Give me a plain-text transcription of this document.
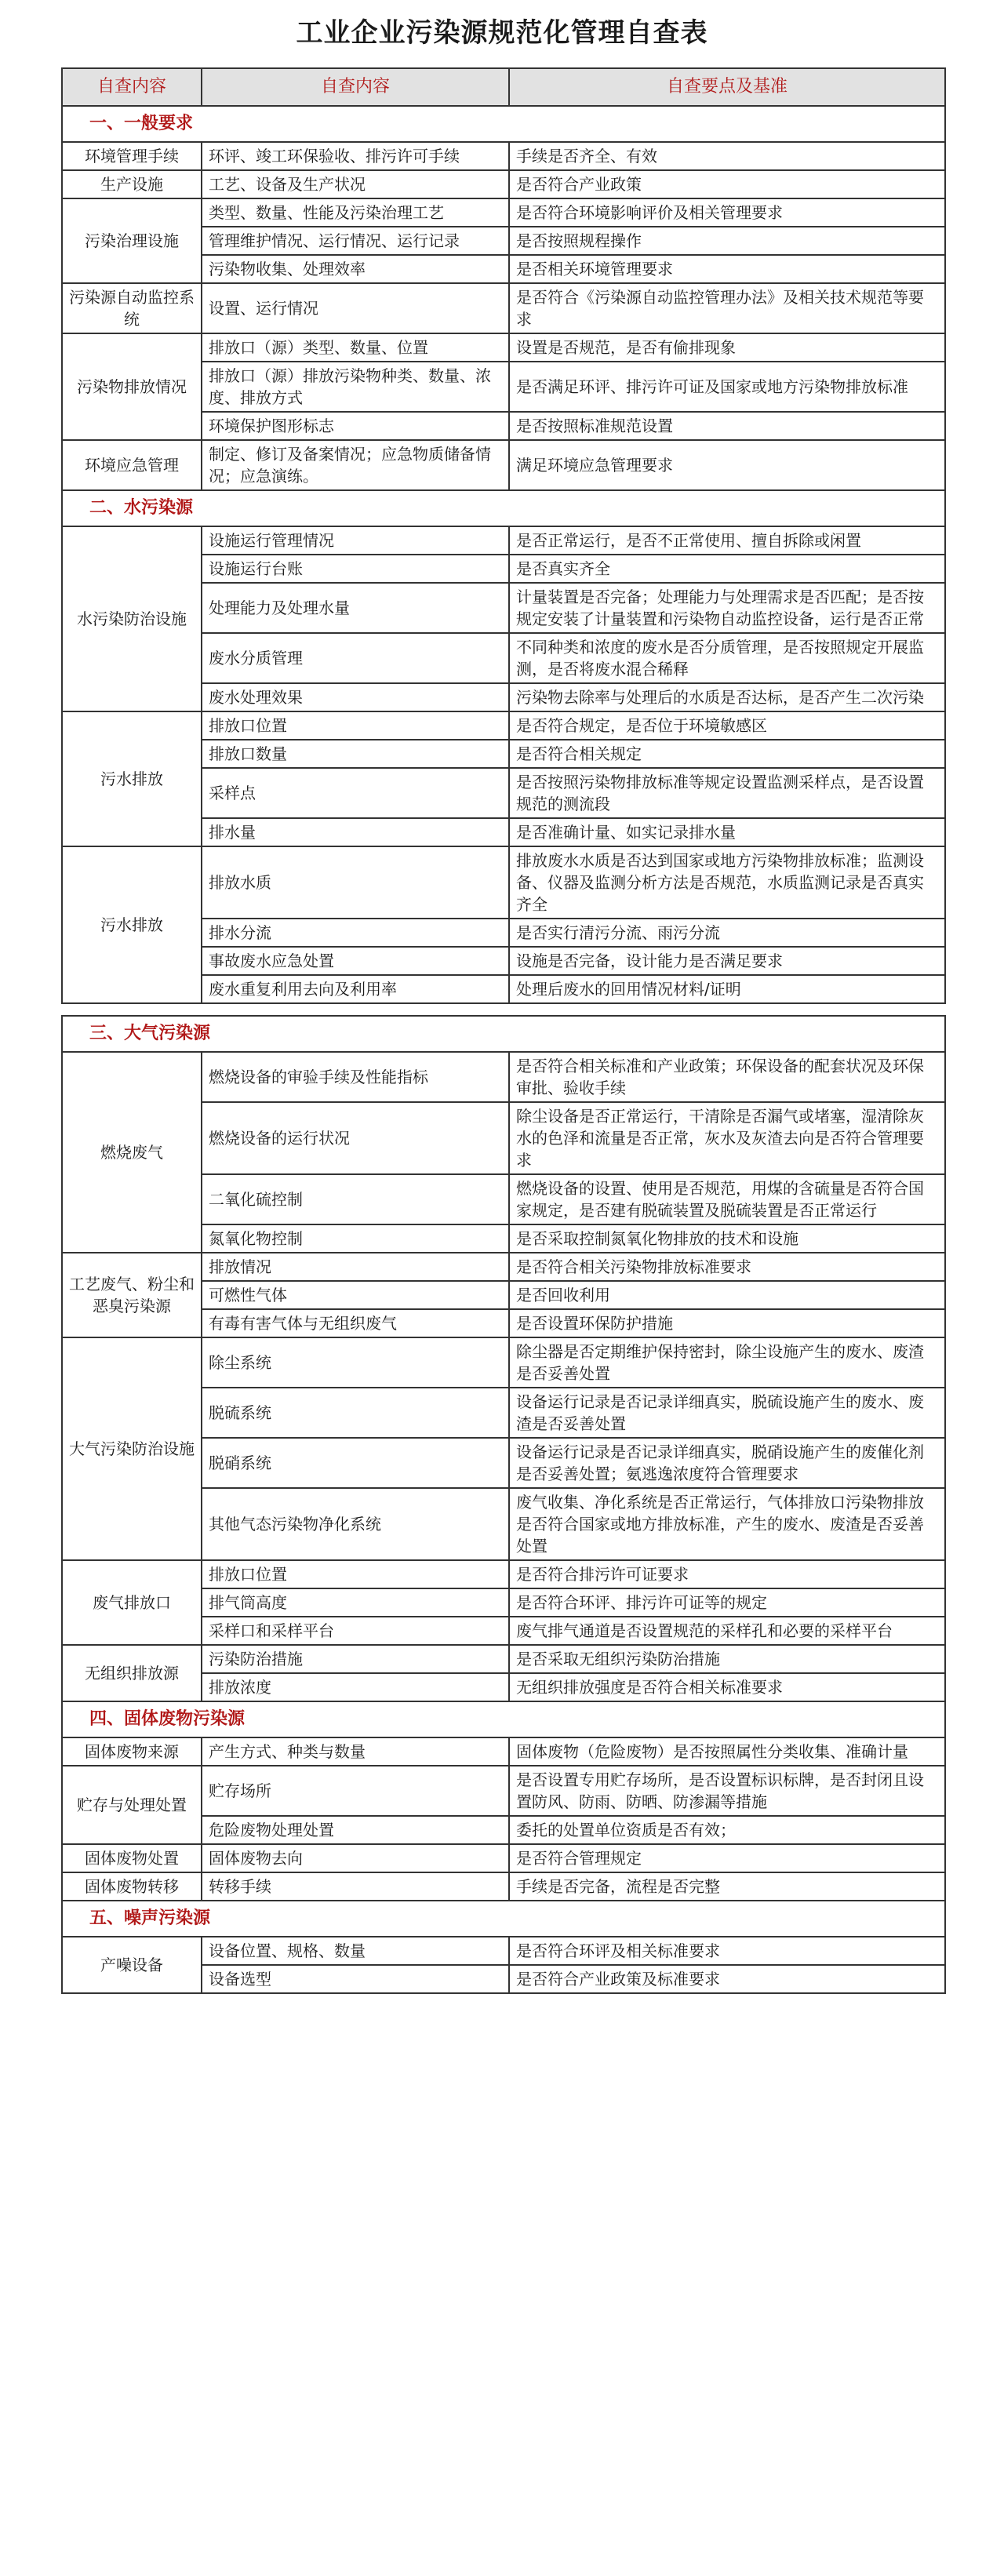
工业企业污染源规范化管理自查表
自查内容	自查内容	自查要点及基准
一、一般要求		
环境管理手续	环评、竣工环保验收、排污许可手续	手续是否齐全、有效
生产设施	工艺、设备及生产状况	是否符合产业政策
污染治理设施	类型、数量、性能及污染治理工艺	是否符合环境影响评价及相关管理要求
	管理维护情况、运行情况、运行记录	是否按照规程操作
	污染物收集、处理效率	是否相关环境管理要求
污染源自动监控系统	设置、运行情况	是否符合《污染源自动监控管理办法》及相关技术规范等要求
污染物排放情况	排放口（源）类型、数量、位置	设置是否规范，是否有偷排现象
	排放口（源）排放污染物种类、数量、浓度、排放方式	是否满足环评、排污许可证及国家或地方污染物排放标准
	环境保护图形标志	是否按照标准规范设置
环境应急管理	制定、修订及备案情况；应急物质储备情况；应急演练。	满足环境应急管理要求
二、水污染源		
水污染防治设施	设施运行管理情况	是否正常运行，是否不正常使用、擅自拆除或闲置
	设施运行台账	是否真实齐全
	处理能力及处理水量	计量装置是否完备；处理能力与处理需求是否匹配；是否按规定安装了计量装置和污染物自动监控设备，运行是否正常
	废水分质管理	不同种类和浓度的废水是否分质管理，是否按照规定开展监测，是否将废水混合稀释
	废水处理效果	污染物去除率与处理后的水质是否达标，是否产生二次污染
污水排放	排放口位置	是否符合规定，是否位于环境敏感区
	排放口数量	是否符合相关规定
	采样点	是否按照污染物排放标准等规定设置监测采样点，是否设置规范的测流段
	排水量	是否准确计量、如实记录排水量
污水排放	排放水质	排放废水水质是否达到国家或地方污染物排放标准；监测设备、仪器及监测分析方法是否规范，水质监测记录是否真实齐全
	排水分流	是否实行清污分流、雨污分流
	事故废水应急处置	设施是否完备，设计能力是否满足要求
	废水重复利用去向及利用率	处理后废水的回用情况材料/证明

三、大气污染源		
燃烧废气	燃烧设备的审验手续及性能指标	是否符合相关标准和产业政策；环保设备的配套状况及环保审批、验收手续
	燃烧设备的运行状况	除尘设备是否正常运行，干清除是否漏气或堵塞，湿清除灰水的色泽和流量是否正常，灰水及灰渣去向是否符合管理要求
	二氧化硫控制	燃烧设备的设置、使用是否规范，用煤的含硫量是否符合国家规定，是否建有脱硫装置及脱硫装置是否正常运行
	氮氧化物控制	是否采取控制氮氧化物排放的技术和设施
工艺废气、粉尘和恶臭污染源	排放情况	是否符合相关污染物排放标准要求
	可燃性气体	是否回收利用
	有毒有害气体与无组织废气	是否设置环保防护措施
大气污染防治设施	除尘系统	除尘器是否定期维护保持密封，除尘设施产生的废水、废渣是否妥善处置
	脱硫系统	设备运行记录是否记录详细真实，脱硫设施产生的废水、废渣是否妥善处置
	脱硝系统	设备运行记录是否记录详细真实，脱硝设施产生的废催化剂是否妥善处置；氨逃逸浓度符合管理要求
	其他气态污染物净化系统	废气收集、净化系统是否正常运行，气体排放口污染物排放是否符合国家或地方排放标准，产生的废水、废渣是否妥善处置
废气排放口	排放口位置	是否符合排污许可证要求
	排气筒高度	是否符合环评、排污许可证等的规定
	采样口和采样平台	废气排气通道是否设置规范的采样孔和必要的采样平台
无组织排放源	污染防治措施	是否采取无组织污染防治措施
	排放浓度	无组织排放强度是否符合相关标准要求
四、固体废物污染源		
固体废物来源	产生方式、种类与数量	固体废物（危险废物）是否按照属性分类收集、准确计量
贮存与处理处置	贮存场所	是否设置专用贮存场所，是否设置标识标牌，是否封闭且设置防风、防雨、防晒、防渗漏等措施
	危险废物处理处置	委托的处置单位资质是否有效；
固体废物处置	固体废物去向	是否符合管理规定
固体废物转移	转移手续	手续是否完备，流程是否完整
五、噪声污染源		
产噪设备	设备位置、规格、数量	是否符合环评及相关标准要求
	设备选型	是否符合产业政策及标准要求
